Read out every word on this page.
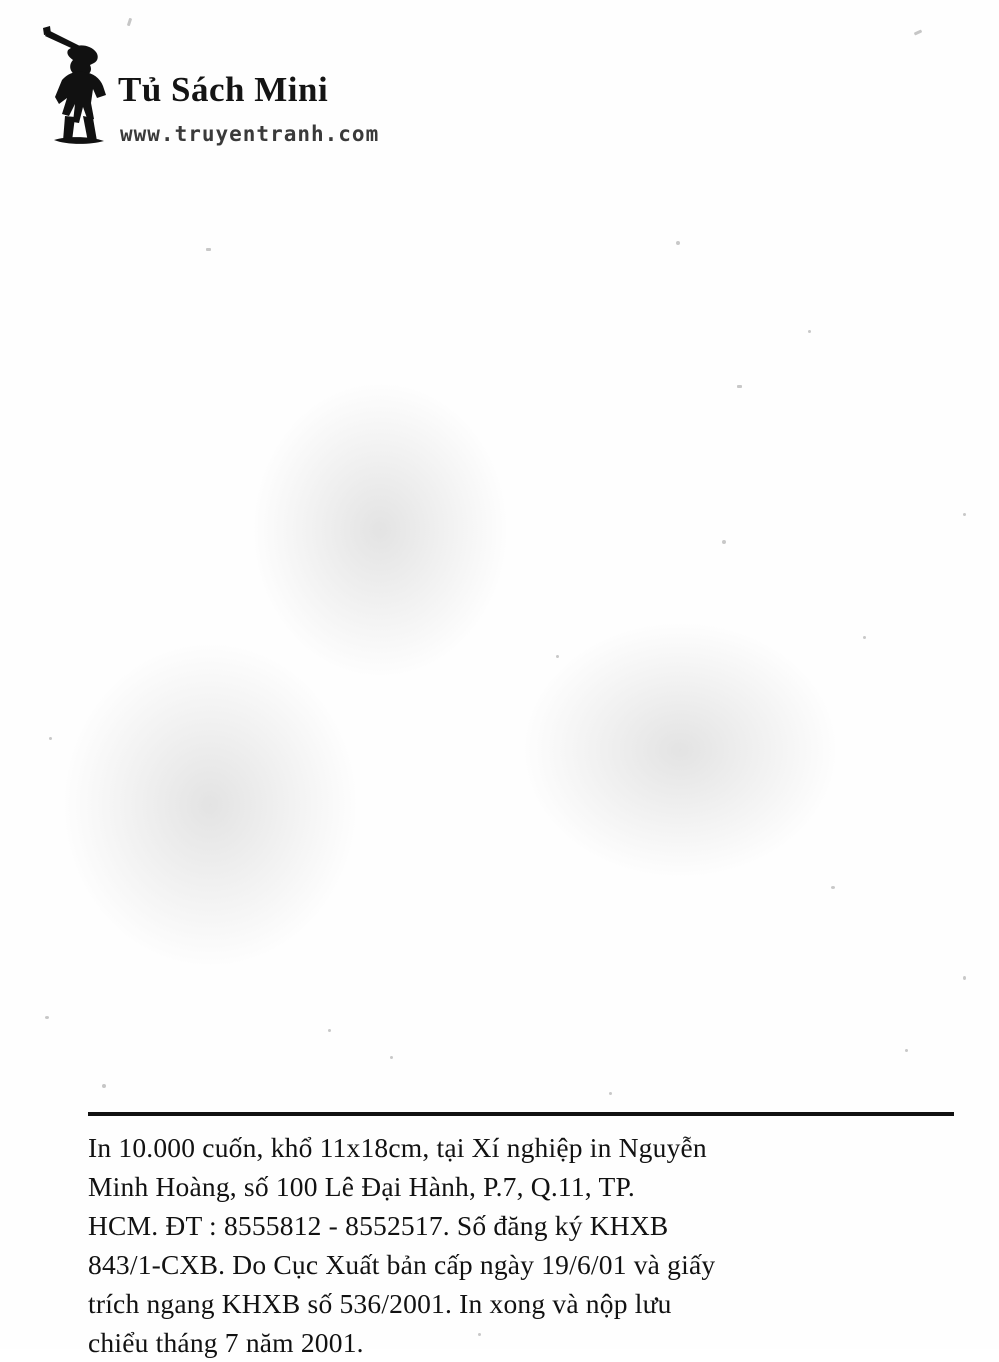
Tủ Sách Mini
www.truyentranh.com
In 10.000 cuốn, khổ 11x18cm, tại Xí nghiệp in Nguyễn
Minh Hoàng, số 100 Lê Đại Hành, P.7, Q.11, TP.
HCM. ĐT : 8555812 - 8552517. Số đăng ký KHXB
843/1-CXB. Do Cục Xuất bản cấp ngày 19/6/01 và giấy
trích ngang KHXB số 536/2001. In xong và nộp lưu
chiểu tháng 7 năm 2001.
